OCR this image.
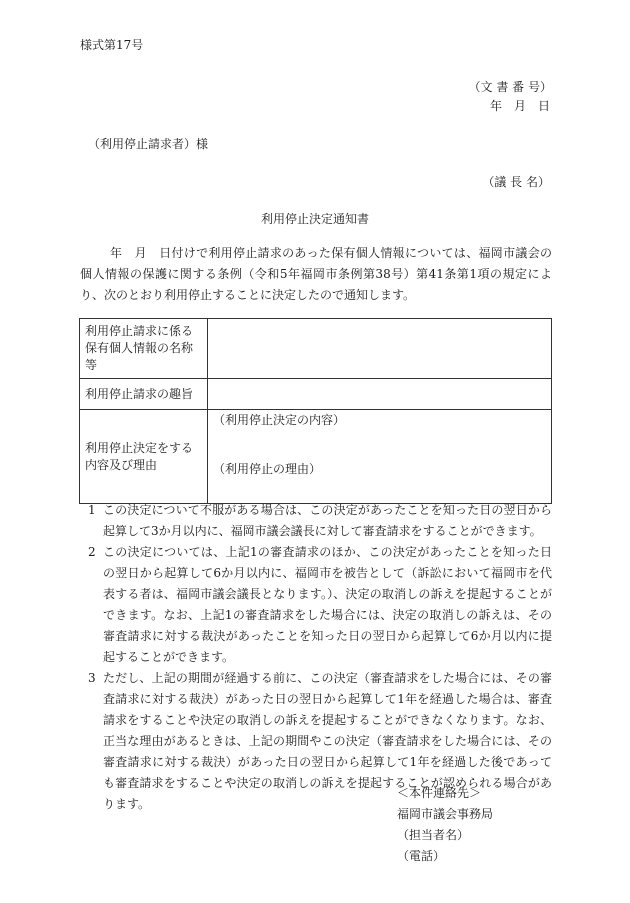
様式第17号
（文 書 番 号）
年　月　日
（利用停止請求者）様
（議 長 名）
利用停止決定通知書

年　月　日付けで利用停止請求のあった保有個人情報については、福岡市議会の個人情報の保護に関する条例（令和5年福岡市条例第38号）第41条第1項の規定により、次のとおり利用停止することに決定したので通知します。

利用停止請求に係る保有個人情報の名称等	
利用停止請求の趣旨	
利用停止決定をする内容及び理由	（利用停止決定の内容）
（利用停止の理由）
1 この決定について不服がある場合は、この決定があったことを知った日の翌日から起算して3か月以内に、福岡市議会議長に対して審査請求をすることができます。
2 この決定については、上記1の審査請求のほか、この決定があったことを知った日の翌日から起算して6か月以内に、福岡市を被告として（訴訟において福岡市を代表する者は、福岡市議会議長となります。）、決定の取消しの訴えを提起することができます。なお、上記1の審査請求をした場合には、決定の取消しの訴えは、その審査請求に対する裁決があったことを知った日の翌日から起算して6か月以内に提起することができます。
3 ただし、上記の期間が経過する前に、この決定（審査請求をした場合には、その審査請求に対する裁決）があった日の翌日から起算して1年を経過した場合は、審査請求をすることや決定の取消しの訴えを提起することができなくなります。なお、正当な理由があるときは、上記の期間やこの決定（審査請求をした場合には、その審査請求に対する裁決）があった日の翌日から起算して1年を経過した後であっても審査請求をすることや決定の取消しの訴えを提起することが認められる場合があります。
＜本件連絡先＞
福岡市議会事務局
（担当者名）
（電話）
